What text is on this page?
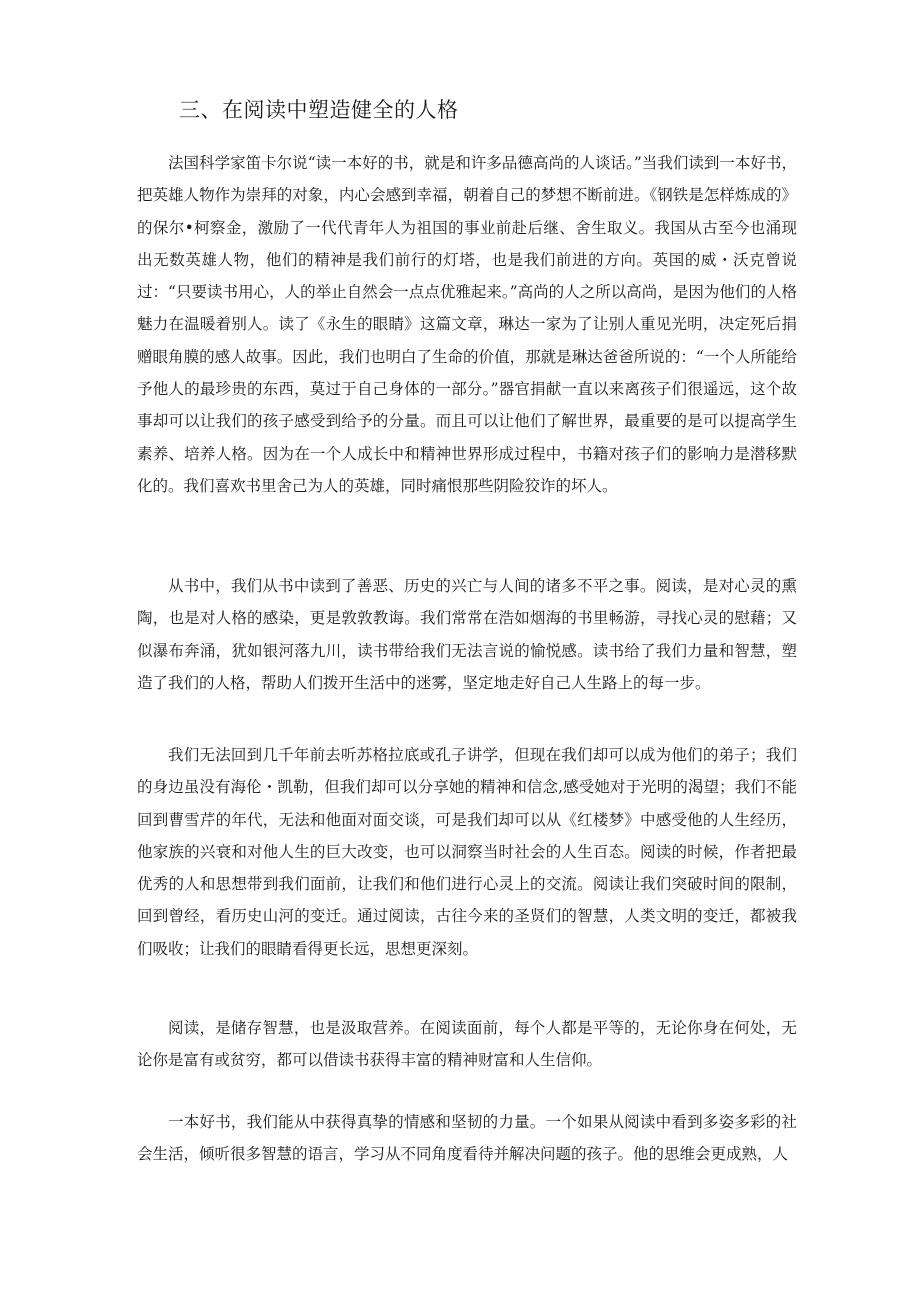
三、在阅读中塑造健全的人格

法国科学家笛卡尔说“读一本好的书，就是和许多品德高尚的人谈话。”当我们读到一本好书，把英雄人物作为崇拜的对象，内心会感到幸福，朝着自己的梦想不断前进。《钢铁是怎样炼成的》的保尔•柯察金，激励了一代代青年人为祖国的事业前赴后继、舍生取义。我国从古至今也涌现出无数英雄人物，他们的精神是我们前行的灯塔，也是我们前进的方向。英国的威・沃克曾说过：“只要读书用心，人的举止自然会一点点优雅起来。”高尚的人之所以高尚，是因为他们的人格魅力在温暖着别人。读了《永生的眼睛》这篇文章，琳达一家为了让别人重见光明，决定死后捐赠眼角膜的感人故事。因此，我们也明白了生命的价值，那就是琳达爸爸所说的：“一个人所能给予他人的最珍贵的东西，莫过于自己身体的一部分。”器官捐献一直以来离孩子们很遥远，这个故事却可以让我们的孩子感受到给予的分量。而且可以让他们了解世界，最重要的是可以提高学生素养、培养人格。因为在一个人成长中和精神世界形成过程中，书籍对孩子们的影响力是潜移默化的。我们喜欢书里舍己为人的英雄，同时痛恨那些阴险狡诈的坏人。

从书中，我们从书中读到了善恶、历史的兴亡与人间的诸多不平之事。阅读，是对心灵的熏陶，也是对人格的感染，更是敦敦教诲。我们常常在浩如烟海的书里畅游，寻找心灵的慰藉；又似瀑布奔涌，犹如银河落九川，读书带给我们无法言说的愉悦感。读书给了我们力量和智慧，塑造了我们的人格，帮助人们拨开生活中的迷雾，坚定地走好自己人生路上的每一步。

我们无法回到几千年前去听苏格拉底或孔子讲学，但现在我们却可以成为他们的弟子；我们的身边虽没有海伦・凯勒，但我们却可以分享她的精神和信念,感受她对于光明的渴望；我们不能回到曹雪芹的年代，无法和他面对面交谈，可是我们却可以从《红楼梦》中感受他的人生经历，他家族的兴衰和对他人生的巨大改变，也可以洞察当时社会的人生百态。阅读的时候，作者把最优秀的人和思想带到我们面前，让我们和他们进行心灵上的交流。阅读让我们突破时间的限制，回到曾经，看历史山河的变迁。通过阅读，古往今来的圣贤们的智慧，人类文明的变迁，都被我们吸收；让我们的眼睛看得更长远，思想更深刻。

阅读，是储存智慧，也是汲取营养。在阅读面前，每个人都是平等的，无论你身在何处，无论你是富有或贫穷，都可以借读书获得丰富的精神财富和人生信仰。

一本好书，我们能从中获得真挚的情感和坚韧的力量。一个如果从阅读中看到多姿多彩的社会生活，倾听很多智慧的语言，学习从不同角度看待并解决问题的孩子。他的思维会更成熟，人
